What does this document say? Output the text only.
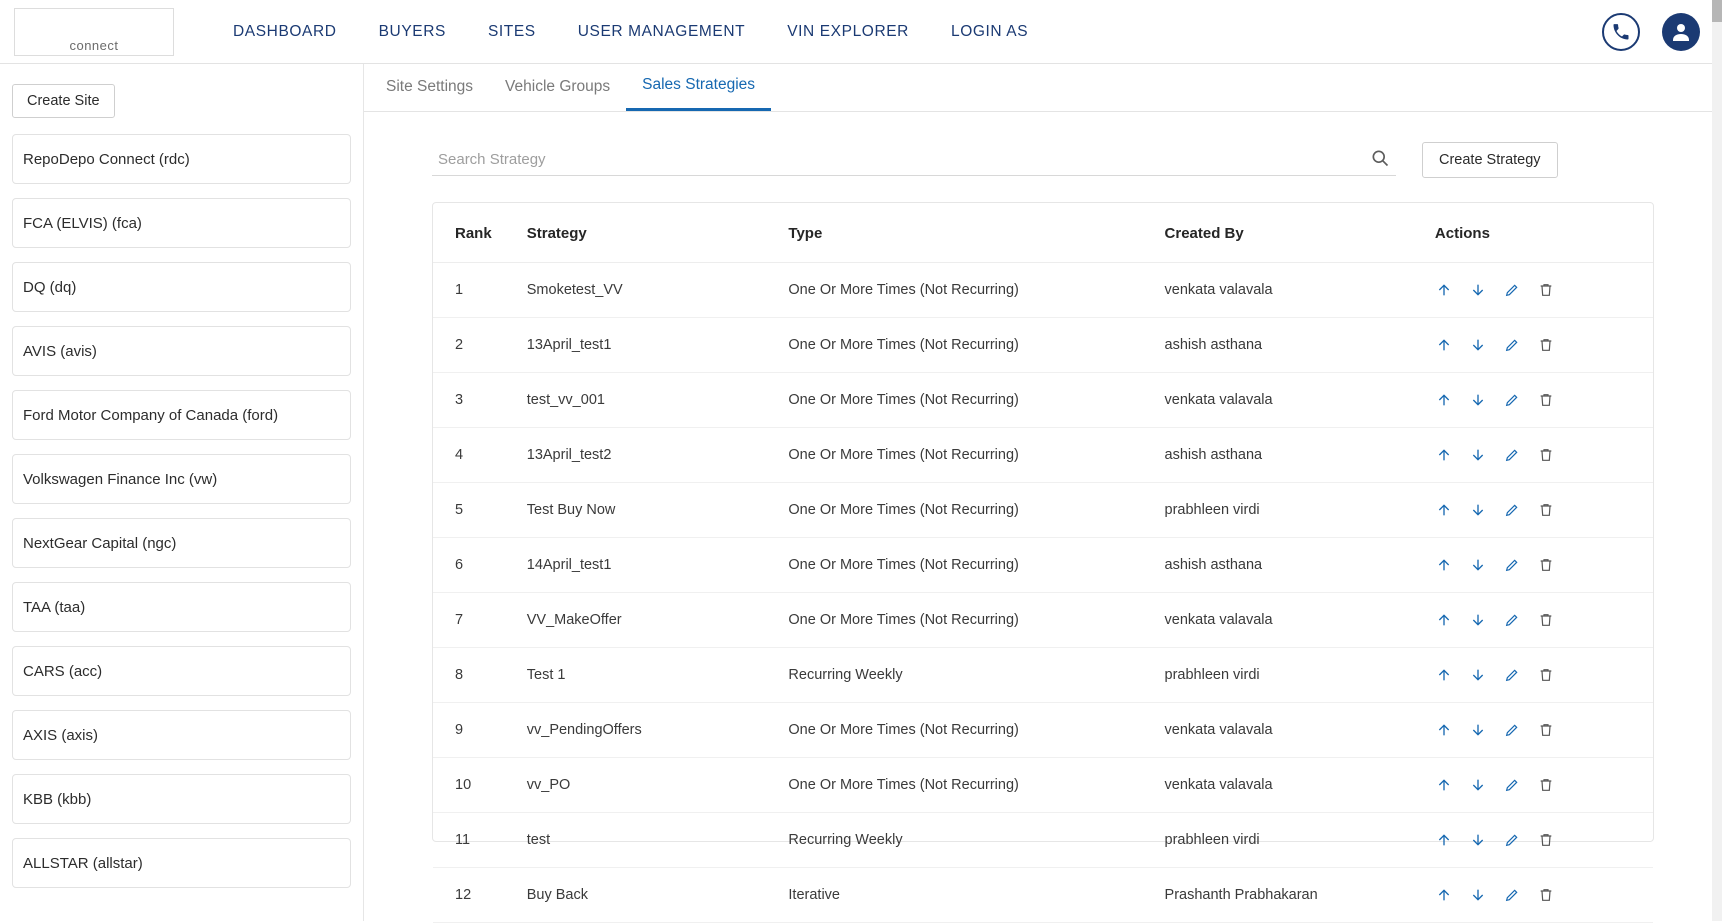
connect
DASHBOARD	BUYERS	SITES	USER MANAGEMENT	VIN EXPLORER	LOGIN AS
Create Site
RepoDepo Connect (rdc)
FCA (ELVIS) (fca)
DQ (dq)
AVIS (avis)
Ford Motor Company of Canada (ford)
Volkswagen Finance Inc (vw)
NextGear Capital (ngc)
TAA (taa)
CARS (acc)
AXIS (axis)
KBB (kbb)
ALLSTAR (allstar)
Site Settings	Vehicle Groups	Sales Strategies
Search Strategy
Create Strategy
Rank	Strategy	Type	Created By	Actions
1	Smoketest_VV	One Or More Times (Not Recurring)	venkata valavala	

2	13April_test1	One Or More Times (Not Recurring)	ashish asthana	

3	test_vv_001	One Or More Times (Not Recurring)	venkata valavala	

4	13April_test2	One Or More Times (Not Recurring)	ashish asthana	

5	Test Buy Now	One Or More Times (Not Recurring)	prabhleen virdi	

6	14April_test1	One Or More Times (Not Recurring)	ashish asthana	

7	VV_MakeOffer	One Or More Times (Not Recurring)	venkata valavala	

8	Test 1	Recurring Weekly	prabhleen virdi	

9	vv_PendingOffers	One Or More Times (Not Recurring)	venkata valavala	

10	vv_PO	One Or More Times (Not Recurring)	venkata valavala	

11	test	Recurring Weekly	prabhleen virdi	

12	Buy Back	Iterative	Prashanth Prabhakaran	
